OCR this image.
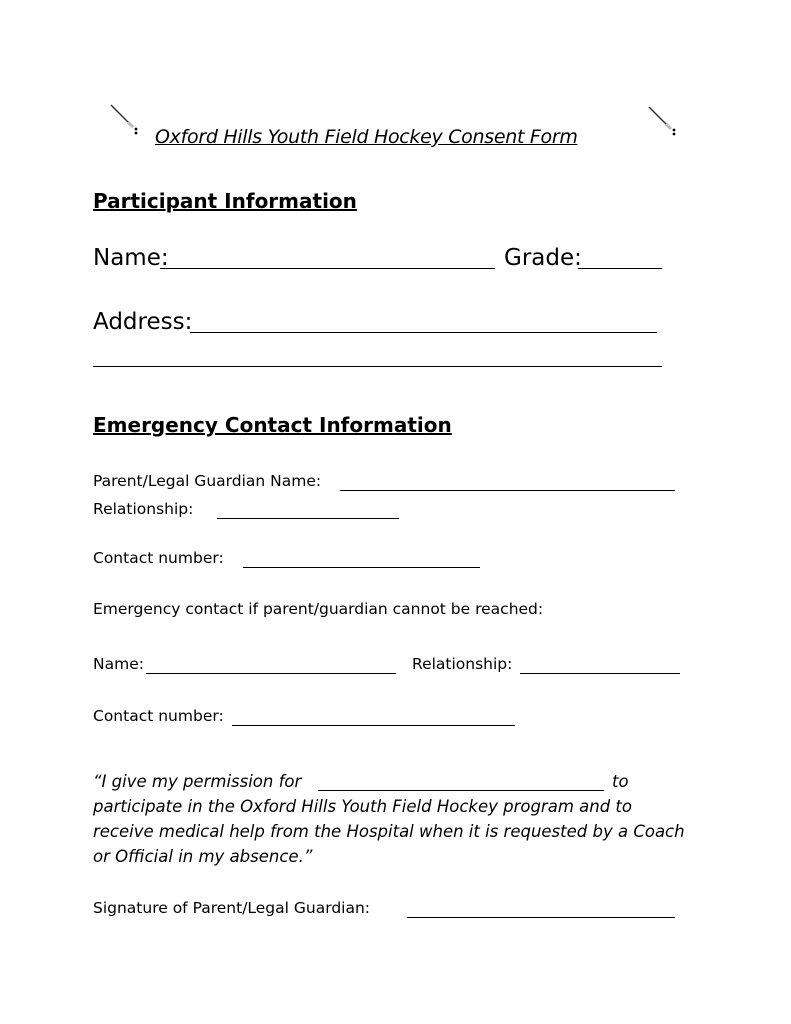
Oxford Hills Youth Field Hockey Consent Form
Participant Information
Name:	Grade:
Address:
Emergency Contact Information
Parent/Legal Guardian Name:
Relationship:
Contact number:
Emergency contact if parent/guardian cannot be reached:
Name:	Relationship:
Contact number:
“I give my permission for	to
participate in the Oxford Hills Youth Field Hockey program and to
receive medical help from the Hospital when it is requested by a Coach
or Official in my absence.”
Signature of Parent/Legal Guardian:
